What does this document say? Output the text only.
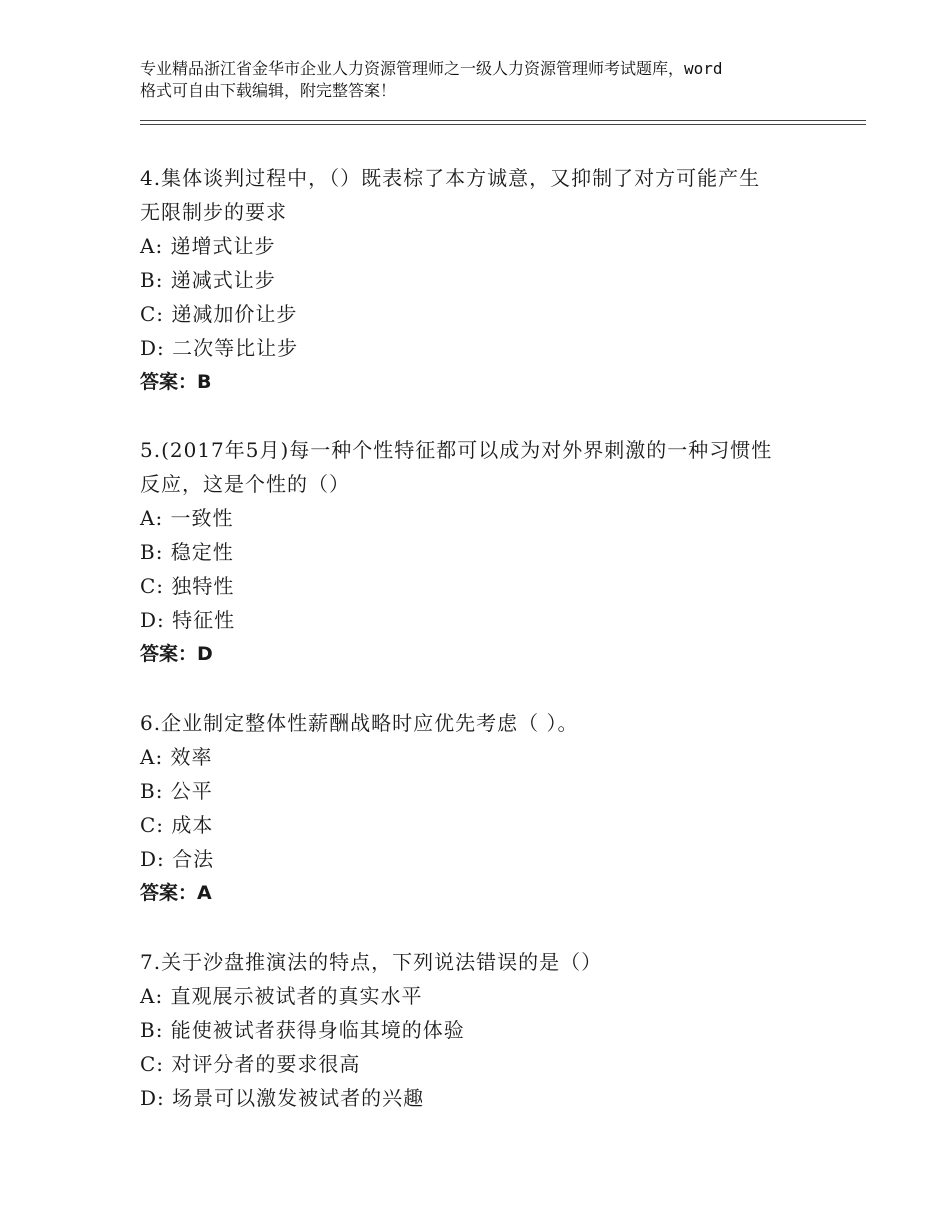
专业精品浙江省金华市企业人力资源管理师之一级人力资源管理师考试题库，word
格式可自由下载编辑，附完整答案！

4.集体谈判过程中，（）既表棕了本方诚意，又抑制了对方可能产生

无限制步的要求

A: 递增式让步

B: 递减式让步

C: 递减加价让步

D: 二次等比让步

答案：B

5.(2017年5月)每一种个性特征都可以成为对外界刺激的一种习惯性

反应，这是个性的（）

A: 一致性

B: 稳定性

C: 独特性

D: 特征性

答案：D

6.企业制定整体性薪酬战略时应优先考虑（ ）。

A: 效率

B: 公平

C: 成本

D: 合法

答案：A

7.关于沙盘推演法的特点，下列说法错误的是（）

A: 直观展示被试者的真实水平

B: 能使被试者获得身临其境的体验

C: 对评分者的要求很高

D: 场景可以激发被试者的兴趣
